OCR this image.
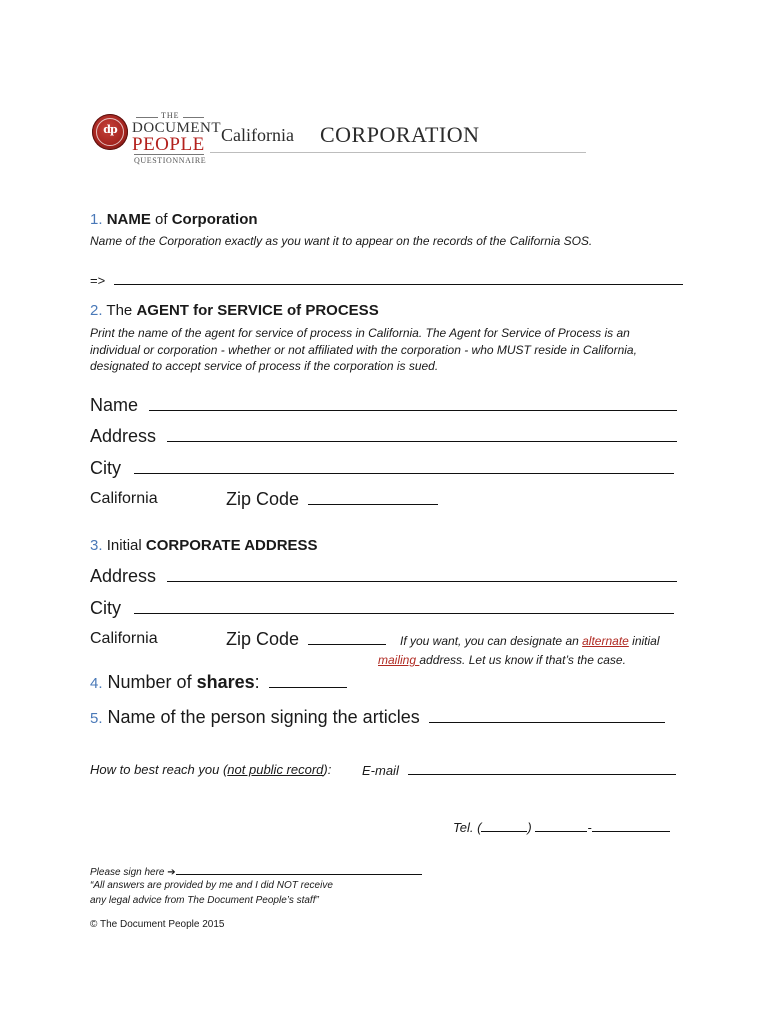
dp
THE
DOCUMENT
PEOPLE
QUESTIONNAIRE
California CORPORATION
1. NAME of Corporation
Name of the Corporation exactly as you want it to appear on the records of the California SOS.
=>
2. The AGENT for SERVICE of PROCESS
Print the name of the agent for service of process in California. The Agent for Service of Process is an
individual or corporation - whether or not affiliated with the corporation - who MUST reside in California,
designated to accept service of process if the corporation is sued.
Name
Address
City
California	Zip Code
3. Initial CORPORATE ADDRESS
Address
City
California	Zip Code	If you want, you can designate an alternate initial
mailing address. Let us know if that’s the case.
4. Number of shares:
5. Name of the person signing the articles
How to best reach you (not public record): E-mail
Tel. (	)	-
Please sign here ➔
“All answers are provided by me and I did NOT receive
any legal advice from The Document People’s staff”
© The Document People 2015
